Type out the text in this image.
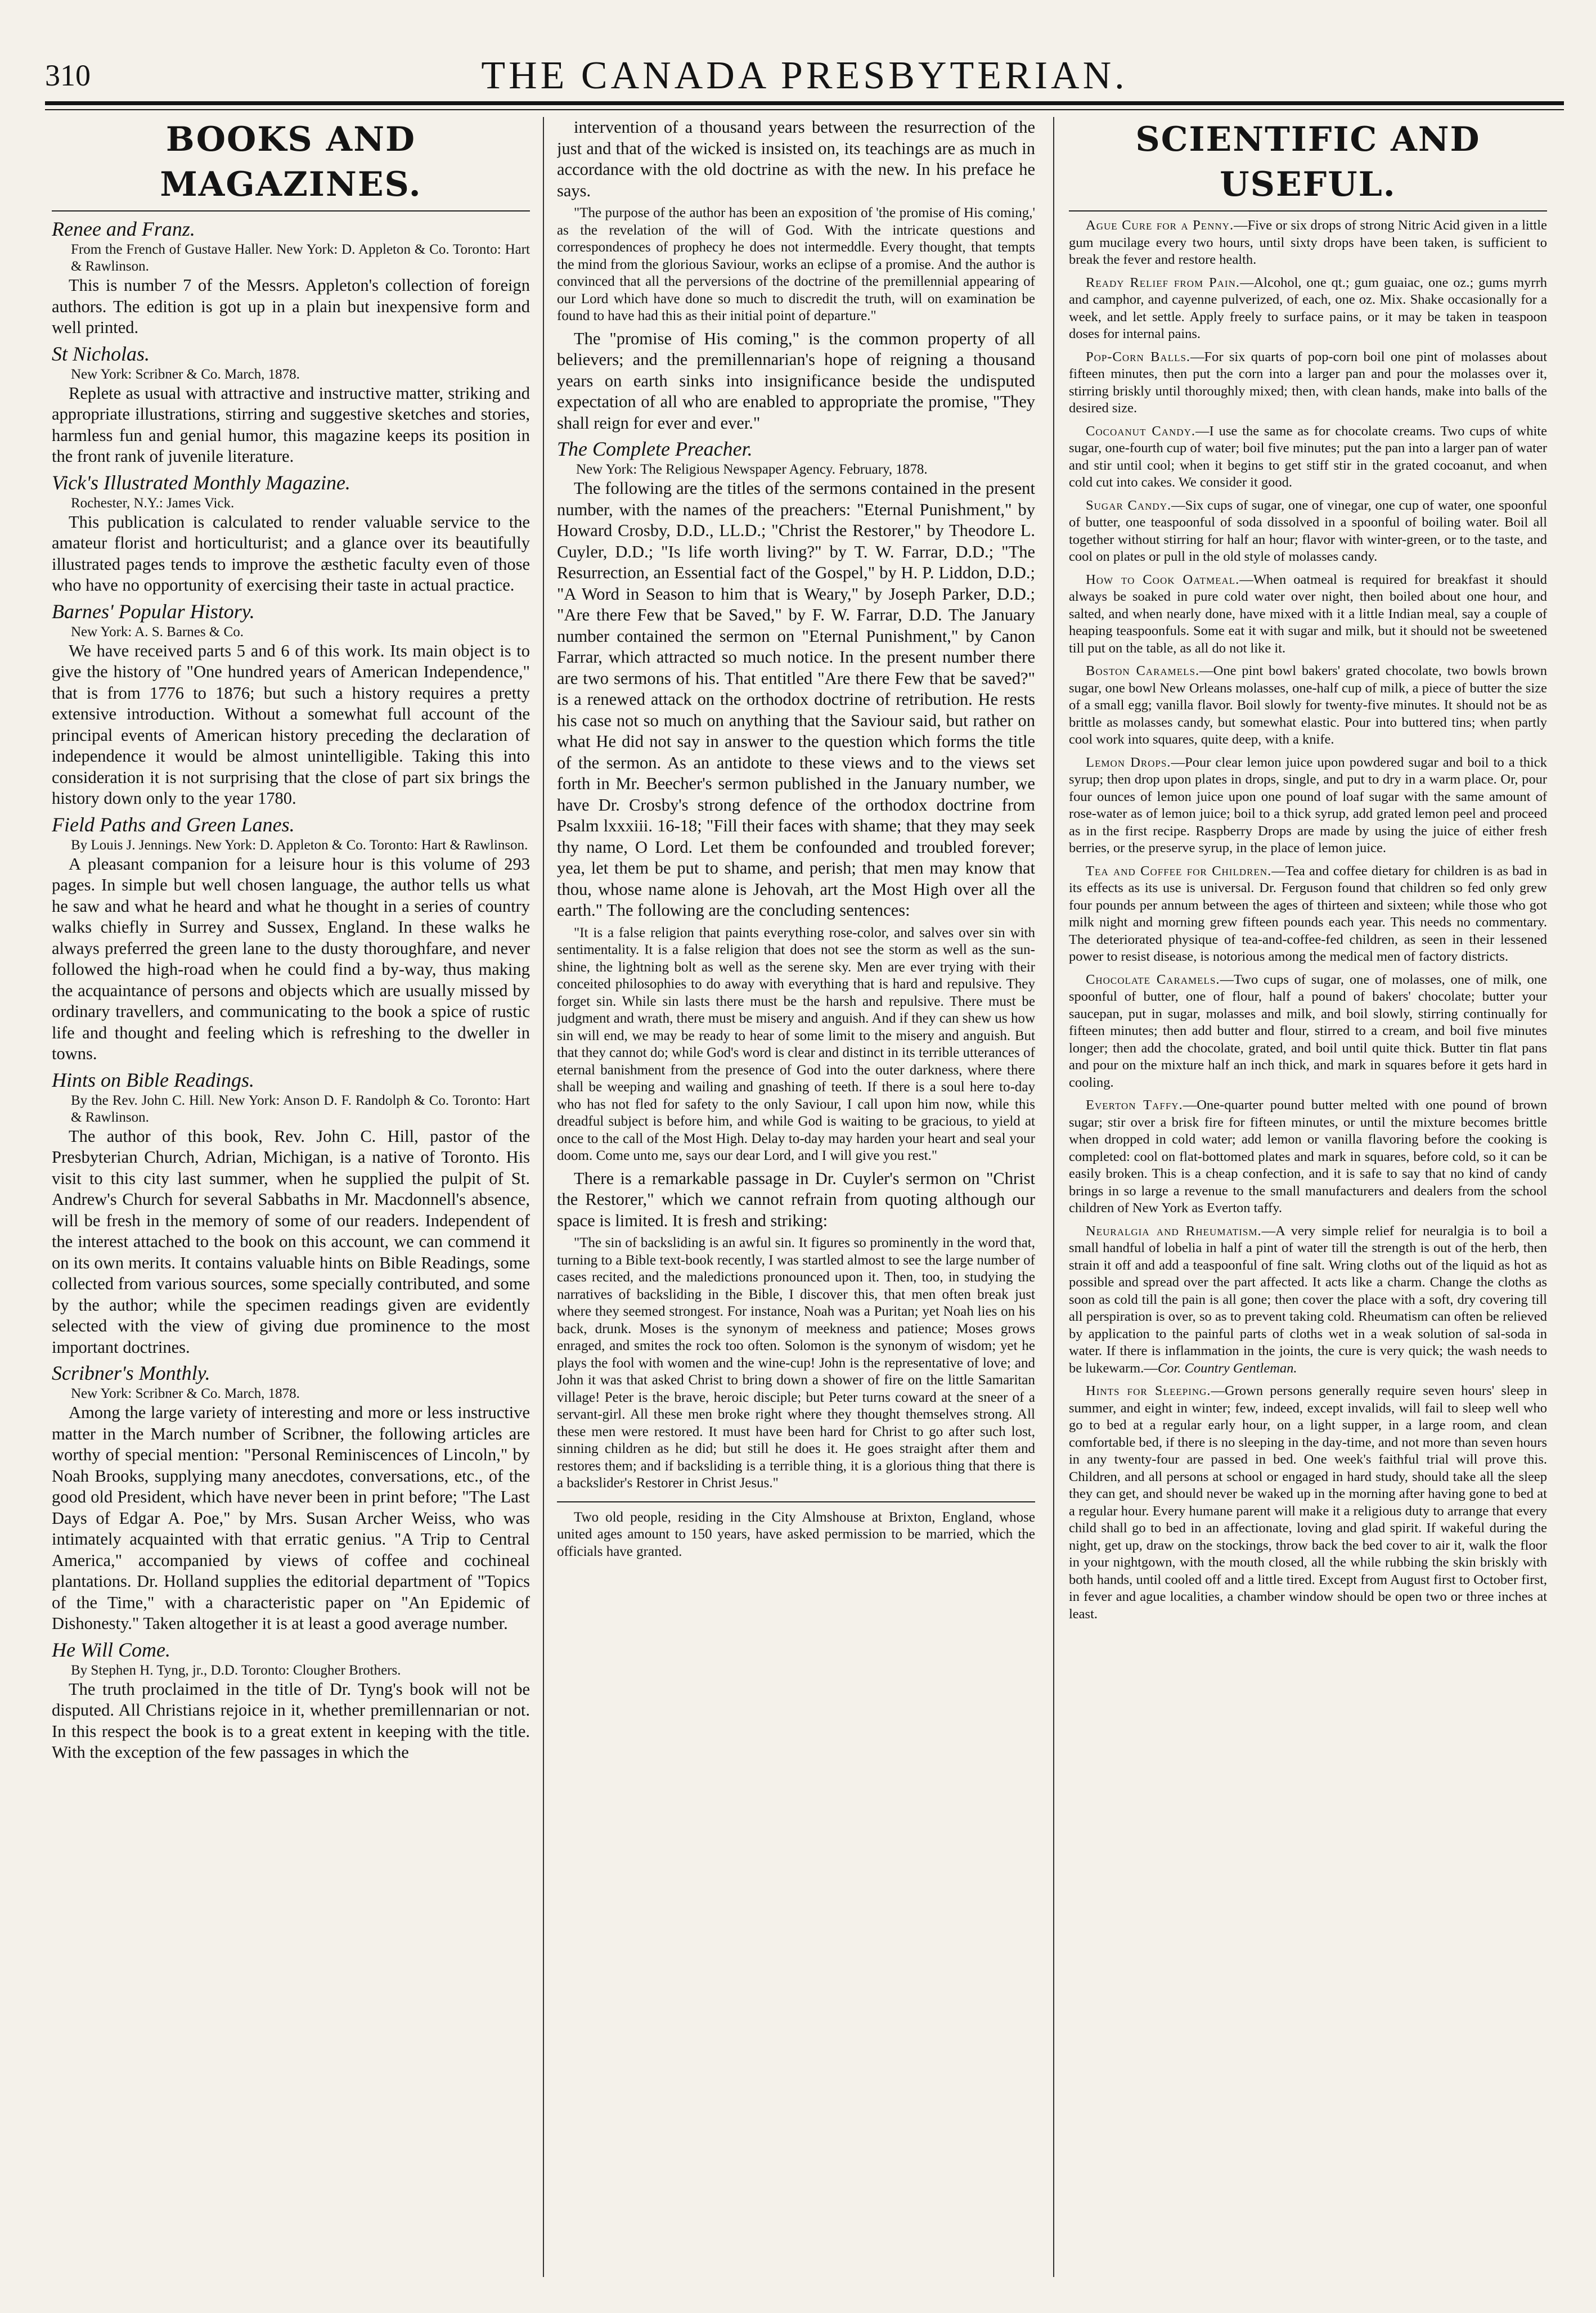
310	THE CANADA PRESBYTERIAN.
BOOKS AND MAGAZINES.
Renee and Franz.
From the French of Gustave Haller. New York: D. Appleton & Co. Toronto: Hart & Rawlinson.

This is number 7 of the Messrs. Appleton's collection of foreign authors. The edition is got up in a plain but inexpensive form and well printed.

St Nicholas.
New York: Scribner & Co. March, 1878.

Replete as usual with attractive and instructive matter, striking and appropriate illustrations, stirring and suggestive sketches and stories, harmless fun and genial humor, this magazine keeps its position in the front rank of juvenile literature.

Vick's Illustrated Monthly Magazine.
Rochester, N.Y.: James Vick.

This publication is calculated to render valuable service to the amateur florist and horticulturist; and a glance over its beautifully illustrated pages tends to improve the æsthetic faculty even of those who have no opportunity of exercising their taste in actual practice.

Barnes' Popular History.
New York: A. S. Barnes & Co.

We have received parts 5 and 6 of this work. Its main object is to give the history of "One hundred years of American Independence," that is from 1776 to 1876; but such a history requires a pretty extensive introduction. Without a somewhat full account of the principal events of American history preceding the declaration of independence it would be almost unintelligible. Taking this into consideration it is not surprising that the close of part six brings the history down only to the year 1780.

Field Paths and Green Lanes.
By Louis J. Jennings. New York: D. Appleton & Co. Toronto: Hart & Rawlinson.

A pleasant companion for a leisure hour is this volume of 293 pages. In simple but well chosen language, the author tells us what he saw and what he heard and what he thought in a series of country walks chiefly in Surrey and Sussex, England. In these walks he always preferred the green lane to the dusty thoroughfare, and never followed the high-road when he could find a by-way, thus making the acquaintance of persons and objects which are usually missed by ordinary travellers, and communicating to the book a spice of rustic life and thought and feeling which is refreshing to the dweller in towns.

Hints on Bible Readings.
By the Rev. John C. Hill. New York: Anson D. F. Randolph & Co. Toronto: Hart & Rawlinson.

The author of this book, Rev. John C. Hill, pastor of the Presbyterian Church, Adrian, Michigan, is a native of Toronto. His visit to this city last summer, when he supplied the pulpit of St. Andrew's Church for several Sabbaths in Mr. Macdonnell's absence, will be fresh in the memory of some of our readers. Independent of the interest attached to the book on this account, we can commend it on its own merits. It contains valuable hints on Bible Readings, some collected from various sources, some specially contributed, and some by the author; while the specimen readings given are evidently selected with the view of giving due prominence to the most important doctrines.

Scribner's Monthly.
New York: Scribner & Co. March, 1878.

Among the large variety of interesting and more or less instructive matter in the March number of Scribner, the following articles are worthy of special mention: "Personal Reminiscences of Lincoln," by Noah Brooks, supplying many anecdotes, conversations, etc., of the good old President, which have never been in print before; "The Last Days of Edgar A. Poe," by Mrs. Susan Archer Weiss, who was intimately acquainted with that erratic genius. "A Trip to Central America," accompanied by views of coffee and cochineal plantations. Dr. Holland supplies the editorial department of "Topics of the Time," with a characteristic paper on "An Epidemic of Dishonesty." Taken altogether it is at least a good average number.

He Will Come.
By Stephen H. Tyng, jr., D.D. Toronto: Clougher Brothers.

The truth proclaimed in the title of Dr. Tyng's book will not be disputed. All Christians rejoice in it, whether premillennarian or not. In this respect the book is to a great extent in keeping with the title. With the exception of the few passages in which the

intervention of a thousand years between the resurrection of the just and that of the wicked is insisted on, its teachings are as much in accordance with the old doctrine as with the new. In his preface he says.

"The purpose of the author has been an exposition of 'the promise of His coming,' as the revelation of the will of God. With the intricate questions and correspondences of prophecy he does not intermeddle. Every thought, that tempts the mind from the glorious Saviour, works an eclipse of a promise. And the author is convinced that all the perversions of the doctrine of the premillennial appearing of our Lord which have done so much to discredit the truth, will on examination be found to have had this as their initial point of departure."

The "promise of His coming," is the common property of all believers; and the premillennarian's hope of reigning a thousand years on earth sinks into insignificance beside the undisputed expectation of all who are enabled to appropriate the promise, "They shall reign for ever and ever."

The Complete Preacher.
New York: The Religious Newspaper Agency. February, 1878.

The following are the titles of the sermons contained in the present number, with the names of the preachers: "Eternal Punishment," by Howard Crosby, D.D., LL.D.; "Christ the Restorer," by Theodore L. Cuyler, D.D.; "Is life worth living?" by T. W. Farrar, D.D.; "The Resurrection, an Essential fact of the Gospel," by H. P. Liddon, D.D.; "A Word in Season to him that is Weary," by Joseph Parker, D.D.; "Are there Few that be Saved," by F. W. Farrar, D.D. The January number contained the sermon on "Eternal Punishment," by Canon Farrar, which attracted so much notice. In the present number there are two sermons of his. That entitled "Are there Few that be saved?" is a renewed attack on the orthodox doctrine of retribution. He rests his case not so much on anything that the Saviour said, but rather on what He did not say in answer to the question which forms the title of the sermon. As an antidote to these views and to the views set forth in Mr. Beecher's sermon published in the January number, we have Dr. Crosby's strong defence of the orthodox doctrine from Psalm lxxxiii. 16-18; "Fill their faces with shame; that they may seek thy name, O Lord. Let them be confounded and troubled forever; yea, let them be put to shame, and perish; that men may know that thou, whose name alone is Jehovah, art the Most High over all the earth." The following are the concluding sentences:

"It is a false religion that paints everything rose-color, and salves over sin with sentimentality. It is a false religion that does not see the storm as well as the sun-shine, the lightning bolt as well as the serene sky. Men are ever trying with their conceited philosophies to do away with everything that is hard and repulsive. They forget sin. While sin lasts there must be the harsh and repulsive. There must be judgment and wrath, there must be misery and anguish. And if they can shew us how sin will end, we may be ready to hear of some limit to the misery and anguish. But that they cannot do; while God's word is clear and distinct in its terrible utterances of eternal banishment from the presence of God into the outer darkness, where there shall be weeping and wailing and gnashing of teeth. If there is a soul here to-day who has not fled for safety to the only Saviour, I call upon him now, while this dreadful subject is before him, and while God is waiting to be gracious, to yield at once to the call of the Most High. Delay to-day may harden your heart and seal your doom. Come unto me, says our dear Lord, and I will give you rest."

There is a remarkable passage in Dr. Cuyler's sermon on "Christ the Restorer," which we cannot refrain from quoting although our space is limited. It is fresh and striking:

"The sin of backsliding is an awful sin. It figures so prominently in the word that, turning to a Bible text-book recently, I was startled almost to see the large number of cases recited, and the maledictions pronounced upon it. Then, too, in studying the narratives of backsliding in the Bible, I discover this, that men often break just where they seemed strongest. For instance, Noah was a Puritan; yet Noah lies on his back, drunk. Moses is the synonym of meekness and patience; Moses grows enraged, and smites the rock too often. Solomon is the synonym of wisdom; yet he plays the fool with women and the wine-cup! John is the representative of love; and John it was that asked Christ to bring down a shower of fire on the little Samaritan village! Peter is the brave, heroic disciple; but Peter turns coward at the sneer of a servant-girl. All these men broke right where they thought themselves strong. All these men were restored. It must have been hard for Christ to go after such lost, sinning children as he did; but still he does it. He goes straight after them and restores them; and if backsliding is a terrible thing, it is a glorious thing that there is a backslider's Restorer in Christ Jesus."

Two old people, residing in the City Almshouse at Brixton, England, whose united ages amount to 150 years, have asked permission to be married, which the officials have granted.

SCIENTIFIC AND USEFUL.

Ague Cure for a Penny.—Five or six drops of strong Nitric Acid given in a little gum mucilage every two hours, until sixty drops have been taken, is sufficient to break the fever and restore health.

Ready Relief from Pain.—Alcohol, one qt.; gum guaiac, one oz.; gums myrrh and camphor, and cayenne pulverized, of each, one oz. Mix. Shake occasionally for a week, and let settle. Apply freely to surface pains, or it may be taken in teaspoon doses for internal pains.

Pop-Corn Balls.—For six quarts of pop-corn boil one pint of molasses about fifteen minutes, then put the corn into a larger pan and pour the molasses over it, stirring briskly until thoroughly mixed; then, with clean hands, make into balls of the desired size.

Cocoanut Candy.—I use the same as for chocolate creams. Two cups of white sugar, one-fourth cup of water; boil five minutes; put the pan into a larger pan of water and stir until cool; when it begins to get stiff stir in the grated cocoanut, and when cold cut into cakes. We consider it good.

Sugar Candy.—Six cups of sugar, one of vinegar, one cup of water, one spoonful of butter, one teaspoonful of soda dissolved in a spoonful of boiling water. Boil all together without stirring for half an hour; flavor with winter-green, or to the taste, and cool on plates or pull in the old style of molasses candy.

How to Cook Oatmeal.—When oatmeal is required for breakfast it should always be soaked in pure cold water over night, then boiled about one hour, and salted, and when nearly done, have mixed with it a little Indian meal, say a couple of heaping teaspoonfuls. Some eat it with sugar and milk, but it should not be sweetened till put on the table, as all do not like it.

Boston Caramels.—One pint bowl bakers' grated chocolate, two bowls brown sugar, one bowl New Orleans molasses, one-half cup of milk, a piece of butter the size of a small egg; vanilla flavor. Boil slowly for twenty-five minutes. It should not be as brittle as molasses candy, but somewhat elastic. Pour into buttered tins; when partly cool work into squares, quite deep, with a knife.

Lemon Drops.—Pour clear lemon juice upon powdered sugar and boil to a thick syrup; then drop upon plates in drops, single, and put to dry in a warm place. Or, pour four ounces of lemon juice upon one pound of loaf sugar with the same amount of rose-water as of lemon juice; boil to a thick syrup, add grated lemon peel and proceed as in the first recipe. Raspberry Drops are made by using the juice of either fresh berries, or the preserve syrup, in the place of lemon juice.

Tea and Coffee for Children.—Tea and coffee dietary for children is as bad in its effects as its use is universal. Dr. Ferguson found that children so fed only grew four pounds per annum between the ages of thirteen and sixteen; while those who got milk night and morning grew fifteen pounds each year. This needs no commentary. The deteriorated physique of tea-and-coffee-fed children, as seen in their lessened power to resist disease, is notorious among the medical men of factory districts.

Chocolate Caramels.—Two cups of sugar, one of molasses, one of milk, one spoonful of butter, one of flour, half a pound of bakers' chocolate; butter your saucepan, put in sugar, molasses and milk, and boil slowly, stirring continually for fifteen minutes; then add butter and flour, stirred to a cream, and boil five minutes longer; then add the chocolate, grated, and boil until quite thick. Butter tin flat pans and pour on the mixture half an inch thick, and mark in squares before it gets hard in cooling.

Everton Taffy.—One-quarter pound butter melted with one pound of brown sugar; stir over a brisk fire for fifteen minutes, or until the mixture becomes brittle when dropped in cold water; add lemon or vanilla flavoring before the cooking is completed: cool on flat-bottomed plates and mark in squares, before cold, so it can be easily broken. This is a cheap confection, and it is safe to say that no kind of candy brings in so large a revenue to the small manufacturers and dealers from the school children of New York as Everton taffy.

Neuralgia and Rheumatism.—A very simple relief for neuralgia is to boil a small handful of lobelia in half a pint of water till the strength is out of the herb, then strain it off and add a teaspoonful of fine salt. Wring cloths out of the liquid as hot as possible and spread over the part affected. It acts like a charm. Change the cloths as soon as cold till the pain is all gone; then cover the place with a soft, dry covering till all perspiration is over, so as to prevent taking cold. Rheumatism can often be relieved by application to the painful parts of cloths wet in a weak solution of sal-soda in water. If there is inflammation in the joints, the cure is very quick; the wash needs to be lukewarm.—Cor. Country Gentleman.

Hints for Sleeping.—Grown persons generally require seven hours' sleep in summer, and eight in winter; few, indeed, except invalids, will fail to sleep well who go to bed at a regular early hour, on a light supper, in a large room, and clean comfortable bed, if there is no sleeping in the day-time, and not more than seven hours in any twenty-four are passed in bed. One week's faithful trial will prove this. Children, and all persons at school or engaged in hard study, should take all the sleep they can get, and should never be waked up in the morning after having gone to bed at a regular hour. Every humane parent will make it a religious duty to arrange that every child shall go to bed in an affectionate, loving and glad spirit. If wakeful during the night, get up, draw on the stockings, throw back the bed cover to air it, walk the floor in your nightgown, with the mouth closed, all the while rubbing the skin briskly with both hands, until cooled off and a little tired. Except from August first to October first, in fever and ague localities, a chamber window should be open two or three inches at least.
